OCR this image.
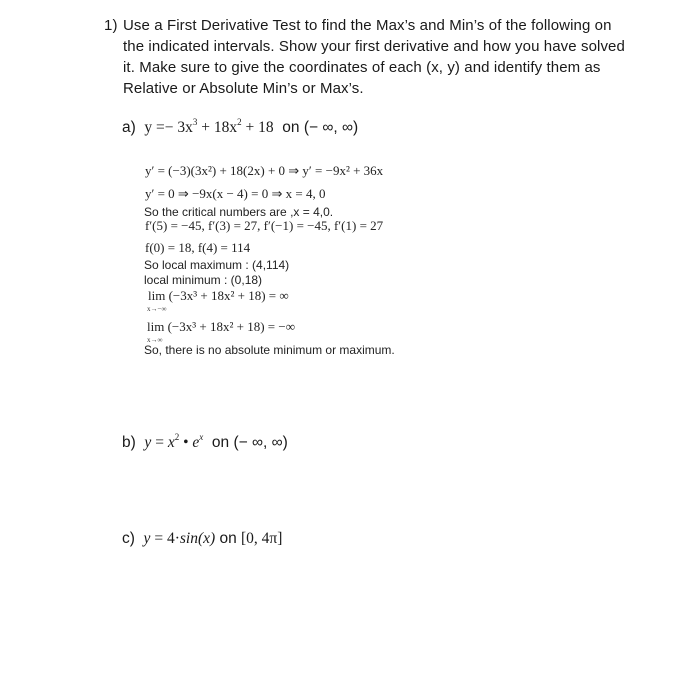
1) Use a First Derivative Test to find the Max’s and Min’s of the following on
the indicated intervals. Show your first derivative and how you have solved
it. Make sure to give the coordinates of each (x, y) and identify them as
Relative or Absolute Min’s or Max’s.
a) $y =- 3x^3 + 18x^2 + 18$ on (− ∞, ∞)
y′ = (−3)(3x²) + 18(2x) + 0 ⇒ y′ = −9x² + 36x
y′ = 0 ⇒ −9x(x − 4) = 0 ⇒ x = 4, 0
So the critical numbers are ,x = 4,0.
f′(5) = −45, f′(3) = 27, f′(−1) = −45, f′(1) = 27
f(0) = 18, f(4) = 114
So local maximum : (4,114)
local minimum : (0,18)
lim (−3x³ + 18x² + 18) = ∞
x→−∞
lim (−3x³ + 18x² + 18) = −∞
x→∞
So, there is no absolute minimum or maximum.
b) $y = x^2$ • $e^x$ on (− ∞, ∞)
c) y = 4·sin(x) on [0, 4π]
